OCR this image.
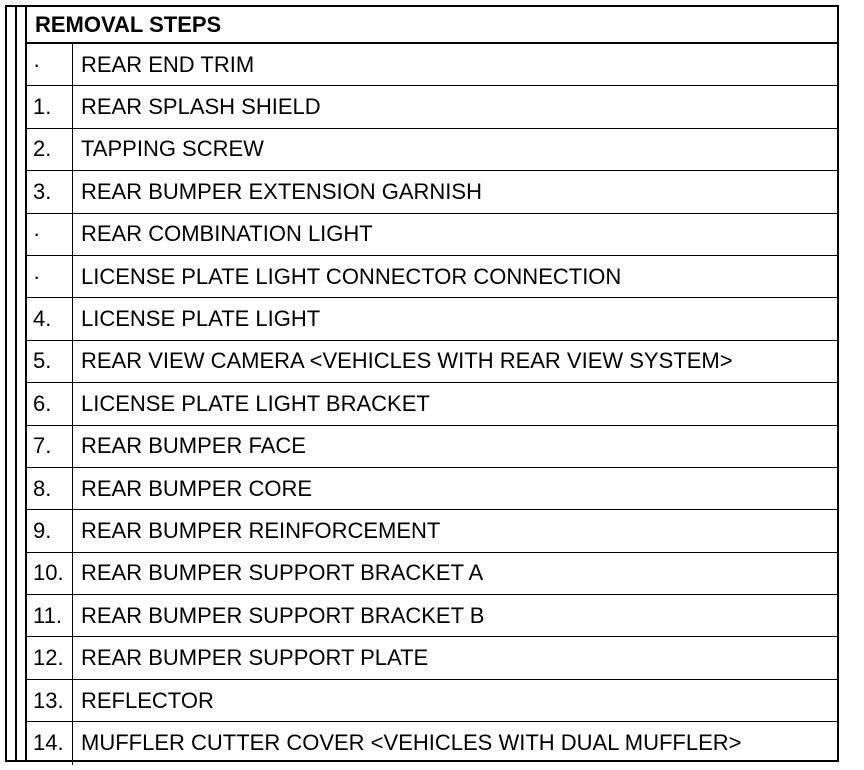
REMOVAL STEPS
·	REAR END TRIM
1.	REAR SPLASH SHIELD
2.	TAPPING SCREW
3.	REAR BUMPER EXTENSION GARNISH
·	REAR COMBINATION LIGHT
·	LICENSE PLATE LIGHT CONNECTOR CONNECTION
4.	LICENSE PLATE LIGHT
5.	REAR VIEW CAMERA <VEHICLES WITH REAR VIEW SYSTEM>
6.	LICENSE PLATE LIGHT BRACKET
7.	REAR BUMPER FACE
8.	REAR BUMPER CORE
9.	REAR BUMPER REINFORCEMENT
10. REAR BUMPER SUPPORT BRACKET A
11. REAR BUMPER SUPPORT BRACKET B
12. REAR BUMPER SUPPORT PLATE
13. REFLECTOR
14. MUFFLER CUTTER COVER <VEHICLES WITH DUAL MUFFLER>
